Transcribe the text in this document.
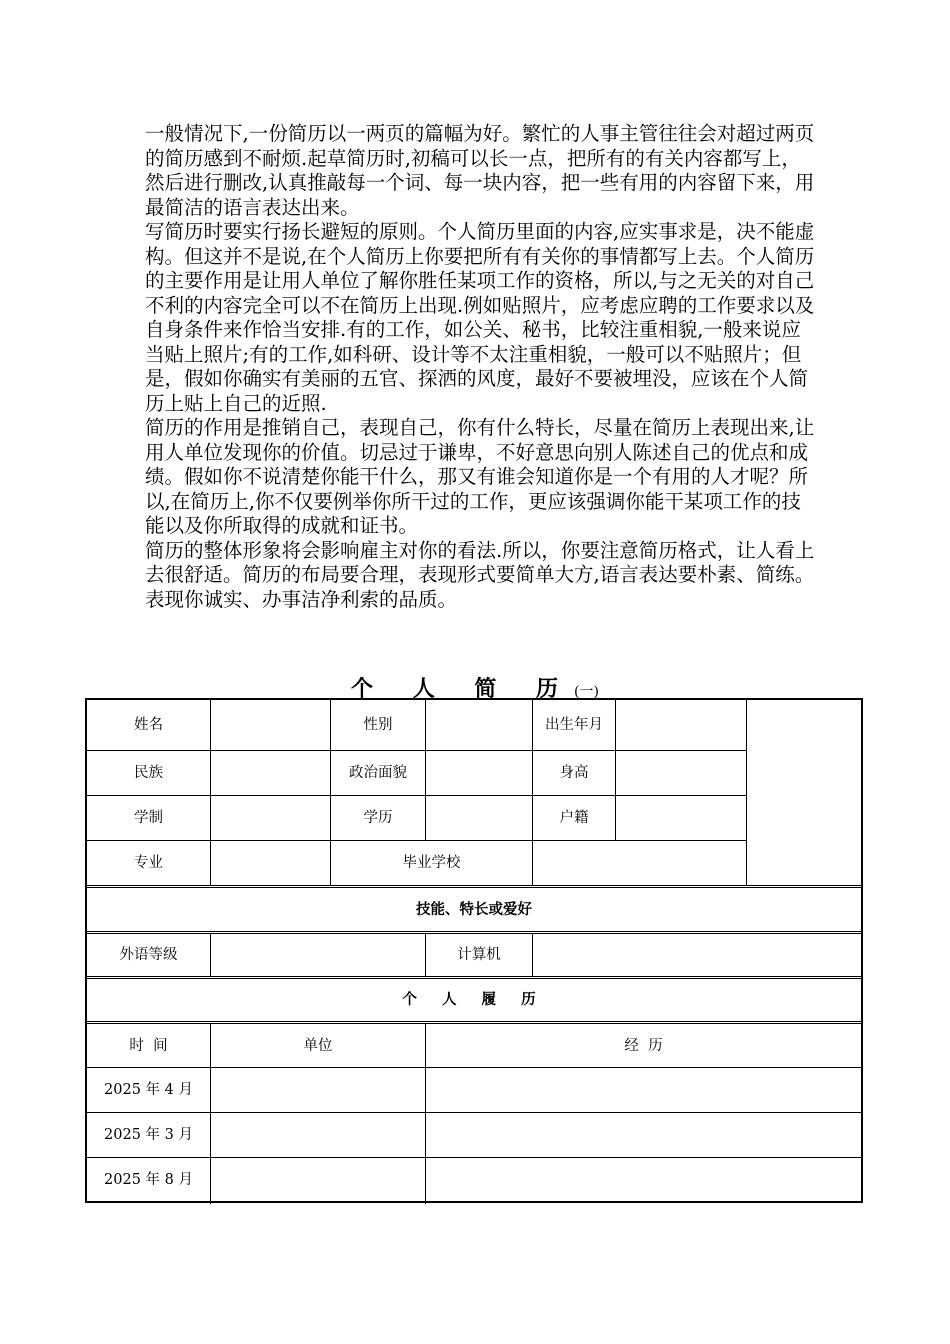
一般情况下,一份简历以一两页的篇幅为好。繁忙的人事主管往往会对超过两页的简历感到不耐烦.起草简历时,初稿可以长一点，把所有的有关内容都写上，然后进行删改,认真推敲每一个词、每一块内容，把一些有用的内容留下来，用最简洁的语言表达出来。

写简历时要实行扬长避短的原则。个人简历里面的内容,应实事求是，决不能虚构。但这并不是说,在个人简历上你要把所有有关你的事情都写上去。个人简历的主要作用是让用人单位了解你胜任某项工作的资格，所以,与之无关的对自己不利的内容完全可以不在简历上出现.例如贴照片，应考虑应聘的工作要求以及自身条件来作恰当安排.有的工作，如公关、秘书，比较注重相貌,一般来说应当贴上照片;有的工作,如科研、设计等不太注重相貌，一般可以不贴照片；但是，假如你确实有美丽的五官、探洒的风度，最好不要被埋没，应该在个人简历上贴上自己的近照.

简历的作用是推销自己，表现自己，你有什么特长，尽量在简历上表现出来,让用人单位发现你的价值。切忌过于谦卑，不好意思向别人陈述自己的优点和成绩。假如你不说清楚你能干什么，那又有谁会知道你是一个有用的人才呢？所以,在简历上,你不仅要例举你所干过的工作，更应该强调你能干某项工作的技能以及你所取得的成就和证书。

简历的整体形象将会影响雇主对你的看法.所以，你要注意简历格式，让人看上去很舒适。简历的布局要合理，表现形式要简单大方,语言表达要朴素、简练。表现你诚实、办事洁净利索的品质。

个 人 简 历(一)
姓名	性别	出生年月
民族	政治面貌	身高
学制	学历	户籍
专业	毕业学校
技能、特长或爱好
外语等级	计算机
个 人 履 历
时  间	单位	经  历
2025 年 4 月
2025 年 3 月
2025 年 8 月
